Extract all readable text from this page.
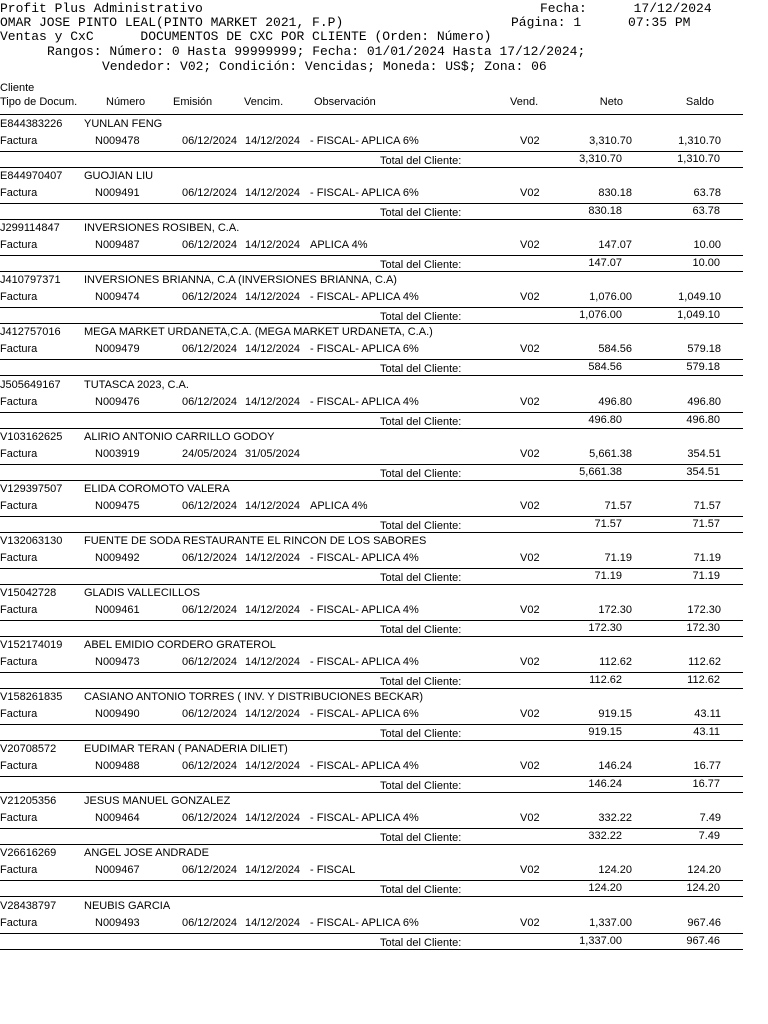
Profit Plus Administrativo	Fecha:      17/12/2024
OMAR JOSE PINTO LEAL(PINTO MARKET 2021, F.P)	Página: 1      07:35 PM
Ventas y CxC      DOCUMENTOS DE CXC POR CLIENTE (Orden: Número)
Rangos: Número: 0 Hasta 99999999; Fecha: 01/01/2024 Hasta 17/12/2024;
Vendedor: V02; Condición: Vencidas; Moneda: US$; Zona: 06
Cliente
Tipo de Docum.	Número	Emisión	Vencim.	Observación	Vend.	Neto	Saldo
E844383226 YUNLAN FENG
Factura	N009478	06/12/2024 14/12/2024 - FISCAL- APLICA 6%	V02	3,310.70	1,310.70
Total del Cliente:	3,310.70	1,310.70
E844970407 GUOJIAN LIU
Factura	N009491	06/12/2024 14/12/2024 - FISCAL- APLICA 6%	V02	830.18	63.78
Total del Cliente:	830.18	63.78
J299114847 INVERSIONES ROSIBEN, C.A.
Factura	N009487	06/12/2024 14/12/2024 APLICA 4%	V02	147.07	10.00
Total del Cliente:	147.07	10.00
J410797371 INVERSIONES BRIANNA, C.A (INVERSIONES BRIANNA, C.A)
Factura	N009474	06/12/2024 14/12/2024 - FISCAL- APLICA 4%	V02	1,076.00	1,049.10
Total del Cliente:	1,076.00	1,049.10
J412757016 MEGA MARKET URDANETA,C.A. (MEGA MARKET URDANETA, C.A.)
Factura	N009479	06/12/2024 14/12/2024 - FISCAL- APLICA 6%	V02	584.56	579.18
Total del Cliente:	584.56	579.18
J505649167 TUTASCA 2023, C.A.
Factura	N009476	06/12/2024 14/12/2024 - FISCAL- APLICA 4%	V02	496.80	496.80
Total del Cliente:	496.80	496.80
V103162625 ALIRIO ANTONIO CARRILLO GODOY
Factura	N003919	24/05/2024 31/05/2024	V02	5,661.38	354.51
Total del Cliente:	5,661.38	354.51
V129397507 ELIDA COROMOTO VALERA
Factura	N009475	06/12/2024 14/12/2024 APLICA 4%	V02	71.57	71.57
Total del Cliente:	71.57	71.57
V132063130 FUENTE DE SODA RESTAURANTE EL RINCON DE LOS SABORES
Factura	N009492	06/12/2024 14/12/2024 - FISCAL- APLICA 4%	V02	71.19	71.19
Total del Cliente:	71.19	71.19
V15042728	GLADIS VALLECILLOS
Factura	N009461	06/12/2024 14/12/2024 - FISCAL- APLICA 4%	V02	172.30	172.30
Total del Cliente:	172.30	172.30
V152174019 ABEL EMIDIO CORDERO GRATEROL
Factura	N009473	06/12/2024 14/12/2024 - FISCAL- APLICA 4%	V02	112.62	112.62
Total del Cliente:	112.62	112.62
V158261835 CASIANO ANTONIO TORRES ( INV. Y DISTRIBUCIONES BECKAR)
Factura	N009490	06/12/2024 14/12/2024 - FISCAL- APLICA 6%	V02	919.15	43.11
Total del Cliente:	919.15	43.11
V20708572	EUDIMAR TERAN ( PANADERIA DILIET)
Factura	N009488	06/12/2024 14/12/2024 - FISCAL- APLICA 4%	V02	146.24	16.77
Total del Cliente:	146.24	16.77
V21205356	JESUS MANUEL GONZALEZ
Factura	N009464	06/12/2024 14/12/2024 - FISCAL- APLICA 4%	V02	332.22	7.49
Total del Cliente:	332.22	7.49
V26616269	ANGEL JOSE ANDRADE
Factura	N009467	06/12/2024 14/12/2024 - FISCAL	V02	124.20	124.20
Total del Cliente:	124.20	124.20
V28438797	NEUBIS GARCIA
Factura	N009493	06/12/2024 14/12/2024 - FISCAL- APLICA 6%	V02	1,337.00	967.46
Total del Cliente:	1,337.00	967.46
